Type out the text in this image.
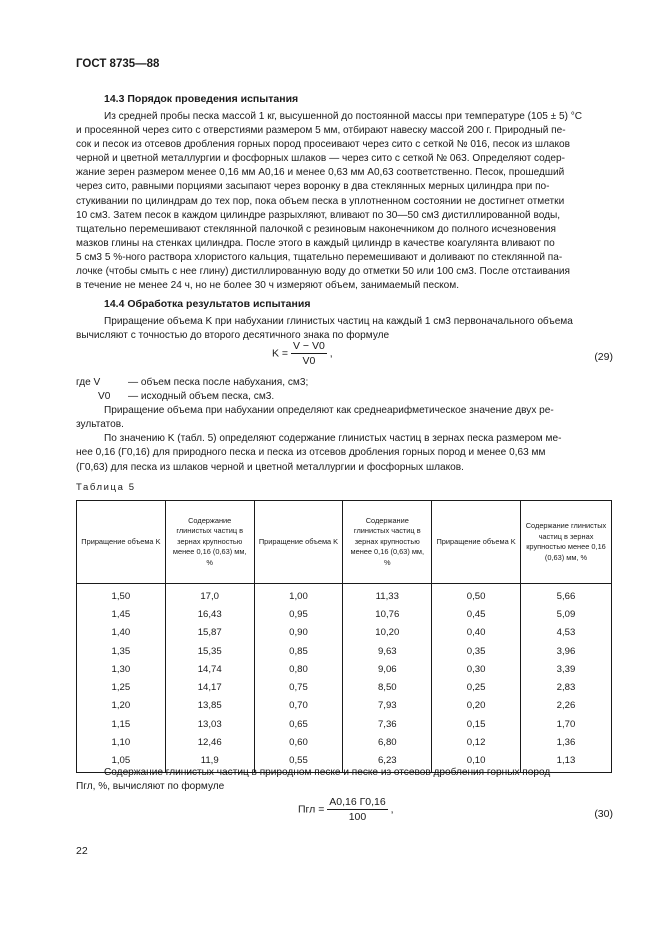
ГОСТ 8735—88
14.3 Порядок проведения испытания

Из средней пробы песка массой 1 кг, высушенной до постоянной массы при температуре (105 ± 5) °С

и просеянной через сито с отверстиями размером 5 мм, отбирают навеску массой 200 г. Природный пе-

сок и песок из отсевов дробления горных пород просеивают через сито с сеткой № 016, песок из шлаков

черной и цветной металлургии и фосфорных шлаков — через сито с сеткой № 063. Определяют содер-

жание зерен размером менее 0,16 мм A0,16 и менее 0,63 мм A0,63 соответственно. Песок, прошедший

через сито, равными порциями засыпают через воронку в два стеклянных мерных цилиндра при по-

стукивании по цилиндрам до тех пор, пока объем песка в уплотненном состоянии не достигнет отметки

10 см3. Затем песок в каждом цилиндре разрыхляют, вливают по 30—50 см3 дистиллированной воды,

тщательно перемешивают стеклянной палочкой с резиновым наконечником до полного исчезновения

мазков глины на стенках цилиндра. После этого в каждый цилиндр в качестве коагулянта вливают по

5 см3 5 %-ного раствора хлористого кальция, тщательно перемешивают и доливают по стеклянной па-

лочке (чтобы смыть с нее глину) дистиллированную воду до отметки 50 или 100 см3. После отстаивания

в течение не менее 24 ч, но не более 30 ч измеряют объем, занимаемый песком.

14.4 Обработка результатов испытания

Приращение объема K при набухании глинистых частиц на каждый 1 см3 первоначального объема

вычисляют с точностью до второго десятичного знака по формуле

$K = \frac{V - V0}{V0}$ ,	(29)
где V	— объем песка после набухания, см3;
V0	— исходный объем песка, см3.

Приращение объема при набухании определяют как среднеарифметическое значение двух ре-

зультатов.

По значению K (табл. 5) определяют содержание глинистых частиц в зернах песка размером ме-

нее 0,16 (Г0,16) для природного песка и песка из отсевов дробления горных пород и менее 0,63 мм

(Г0,63) для песка из шлаков черной и цветной металлургии и фосфорных шлаков.

Таблица 5
Приращение объема K	Содержание глинистых частиц в зернах крупностью менее 0,16 (0,63) мм, %	Приращение объема K	Содержание глинистых частиц в зернах крупностью менее 0,16 (0,63) мм, %	Приращение объема K	Содержание глинистых частиц в зернах крупностью менее 0,16 (0,63) мм, %
1,50	17,0	1,00	11,33	0,50	5,66
1,45	16,43	0,95	10,76	0,45	5,09
1,40	15,87	0,90	10,20	0,40	4,53
1,35	15,35	0,85	9,63	0,35	3,96
1,30	14,74	0,80	9,06	0,30	3,39
1,25	14,17	0,75	8,50	0,25	2,83
1,20	13,85	0,70	7,93	0,20	2,26
1,15	13,03	0,65	7,36	0,15	1,70
1,10	12,46	0,60	6,80	0,12	1,36
1,05	11,9	0,55	6,23	0,10	1,13

Содержание глинистых частиц в природном песке и песке из отсевов дробления горных пород

Пгл, %, вычисляют по формуле

Пгл = $\frac{A0,16 Г0,16}{100}$ ,	(30)
22
